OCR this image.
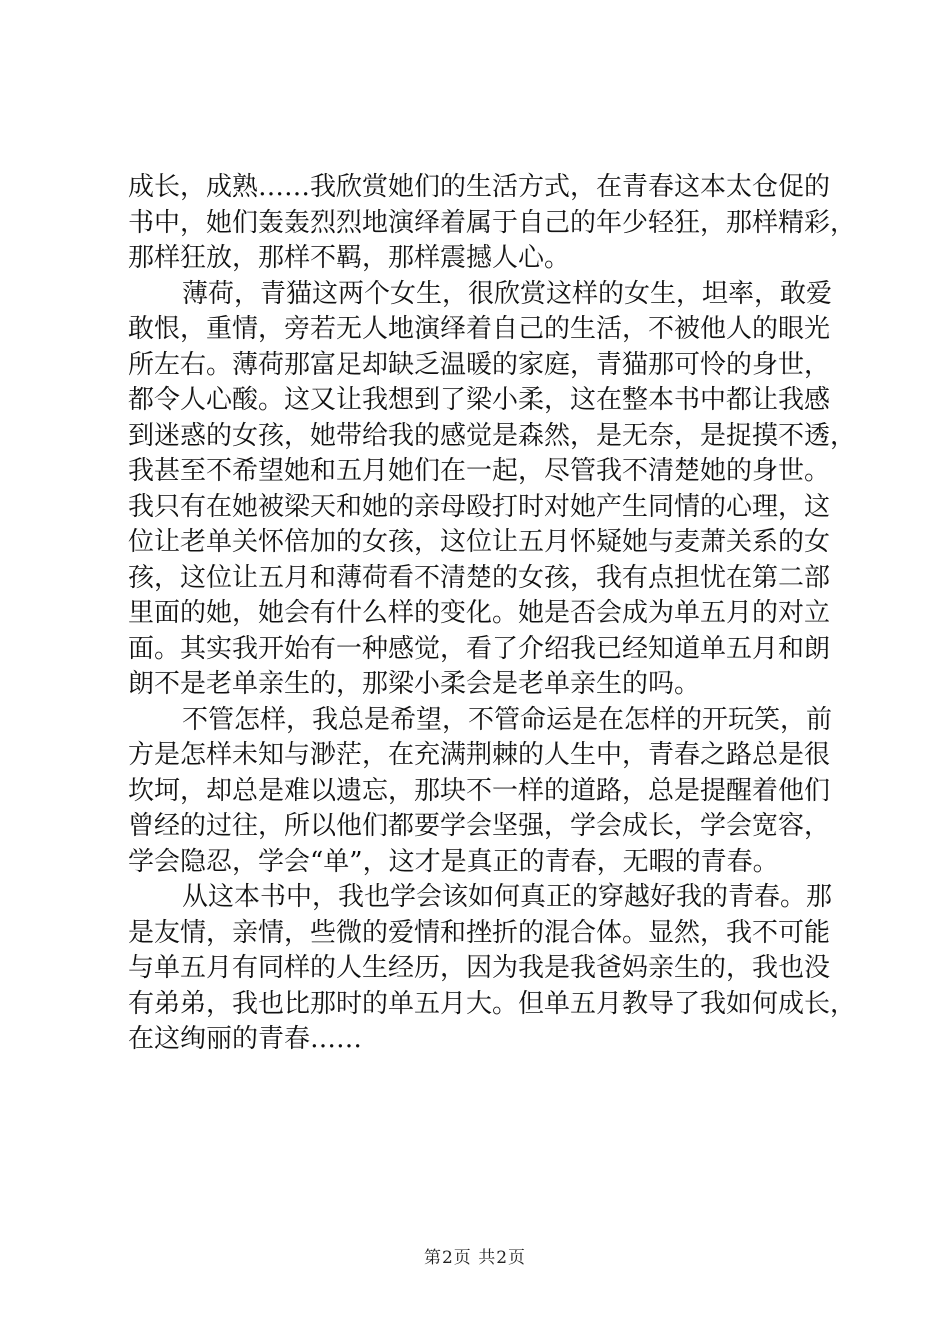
成长，成熟……我欣赏她们的生活方式，在青春这本太仓促的
书中，她们轰轰烈烈地演绎着属于自己的年少轻狂，那样精彩，
那样狂放，那样不羁，那样震撼人心。
薄荷，青猫这两个女生，很欣赏这样的女生，坦率，敢爱
敢恨，重情，旁若无人地演绎着自己的生活，不被他人的眼光
所左右。薄荷那富足却缺乏温暖的家庭，青猫那可怜的身世，
都令人心酸。这又让我想到了梁小柔，这在整本书中都让我感
到迷惑的女孩，她带给我的感觉是森然，是无奈，是捉摸不透，
我甚至不希望她和五月她们在一起，尽管我不清楚她的身世。
我只有在她被梁天和她的亲母殴打时对她产生同情的心理，这
位让老单关怀倍加的女孩，这位让五月怀疑她与麦萧关系的女
孩，这位让五月和薄荷看不清楚的女孩，我有点担忧在第二部
里面的她，她会有什么样的变化。她是否会成为单五月的对立
面。其实我开始有一种感觉，看了介绍我已经知道单五月和朗
朗不是老单亲生的，那梁小柔会是老单亲生的吗。
不管怎样，我总是希望，不管命运是在怎样的开玩笑，前
方是怎样未知与渺茫，在充满荆棘的人生中，青春之路总是很
坎坷，却总是难以遗忘，那块不一样的道路，总是提醒着他们
曾经的过往，所以他们都要学会坚强，学会成长，学会宽容，
学会隐忍，学会“单”，这才是真正的青春，无暇的青春。
从这本书中，我也学会该如何真正的穿越好我的青春。那
是友情，亲情，些微的爱情和挫折的混合体。显然，我不可能
与单五月有同样的人生经历，因为我是我爸妈亲生的，我也没
有弟弟，我也比那时的单五月大。但单五月教导了我如何成长，
在这绚丽的青春……
第2页 共2页
